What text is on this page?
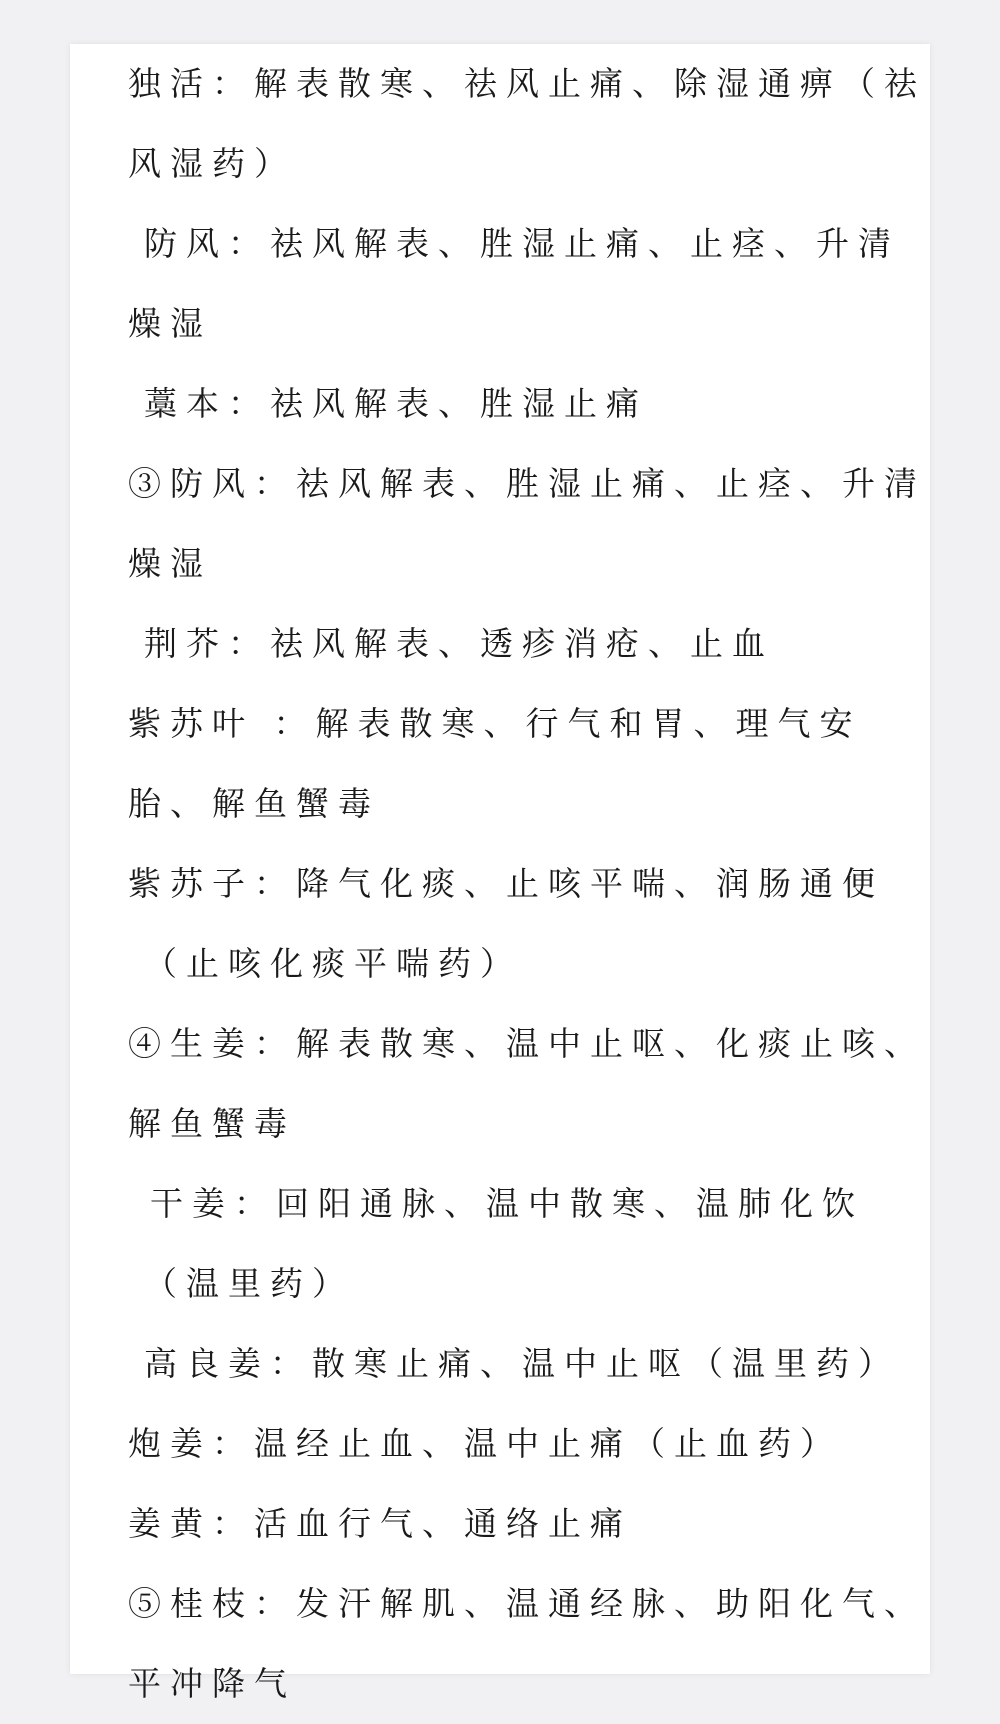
独活：解表散寒、祛风止痛、除湿通痹（祛
风湿药）
防风：祛风解表、胜湿止痛、止痉、升清
燥湿
藁本：祛风解表、胜湿止痛
③防风：祛风解表、胜湿止痛、止痉、升清
燥湿
荆芥：祛风解表、透疹消疮、止血
紫苏叶 ：解表散寒、行气和胃、理气安
胎、解鱼蟹毒
紫苏子：降气化痰、止咳平喘、润肠通便
（止咳化痰平喘药）
④生姜：解表散寒、温中止呕、化痰止咳、
解鱼蟹毒
干姜：回阳通脉、温中散寒、温肺化饮
（温里药）
高良姜：散寒止痛、温中止呕（温里药）
炮姜：温经止血、温中止痛（止血药）
姜黄：活血行气、通络止痛
⑤桂枝：发汗解肌、温通经脉、助阳化气、
平冲降气
